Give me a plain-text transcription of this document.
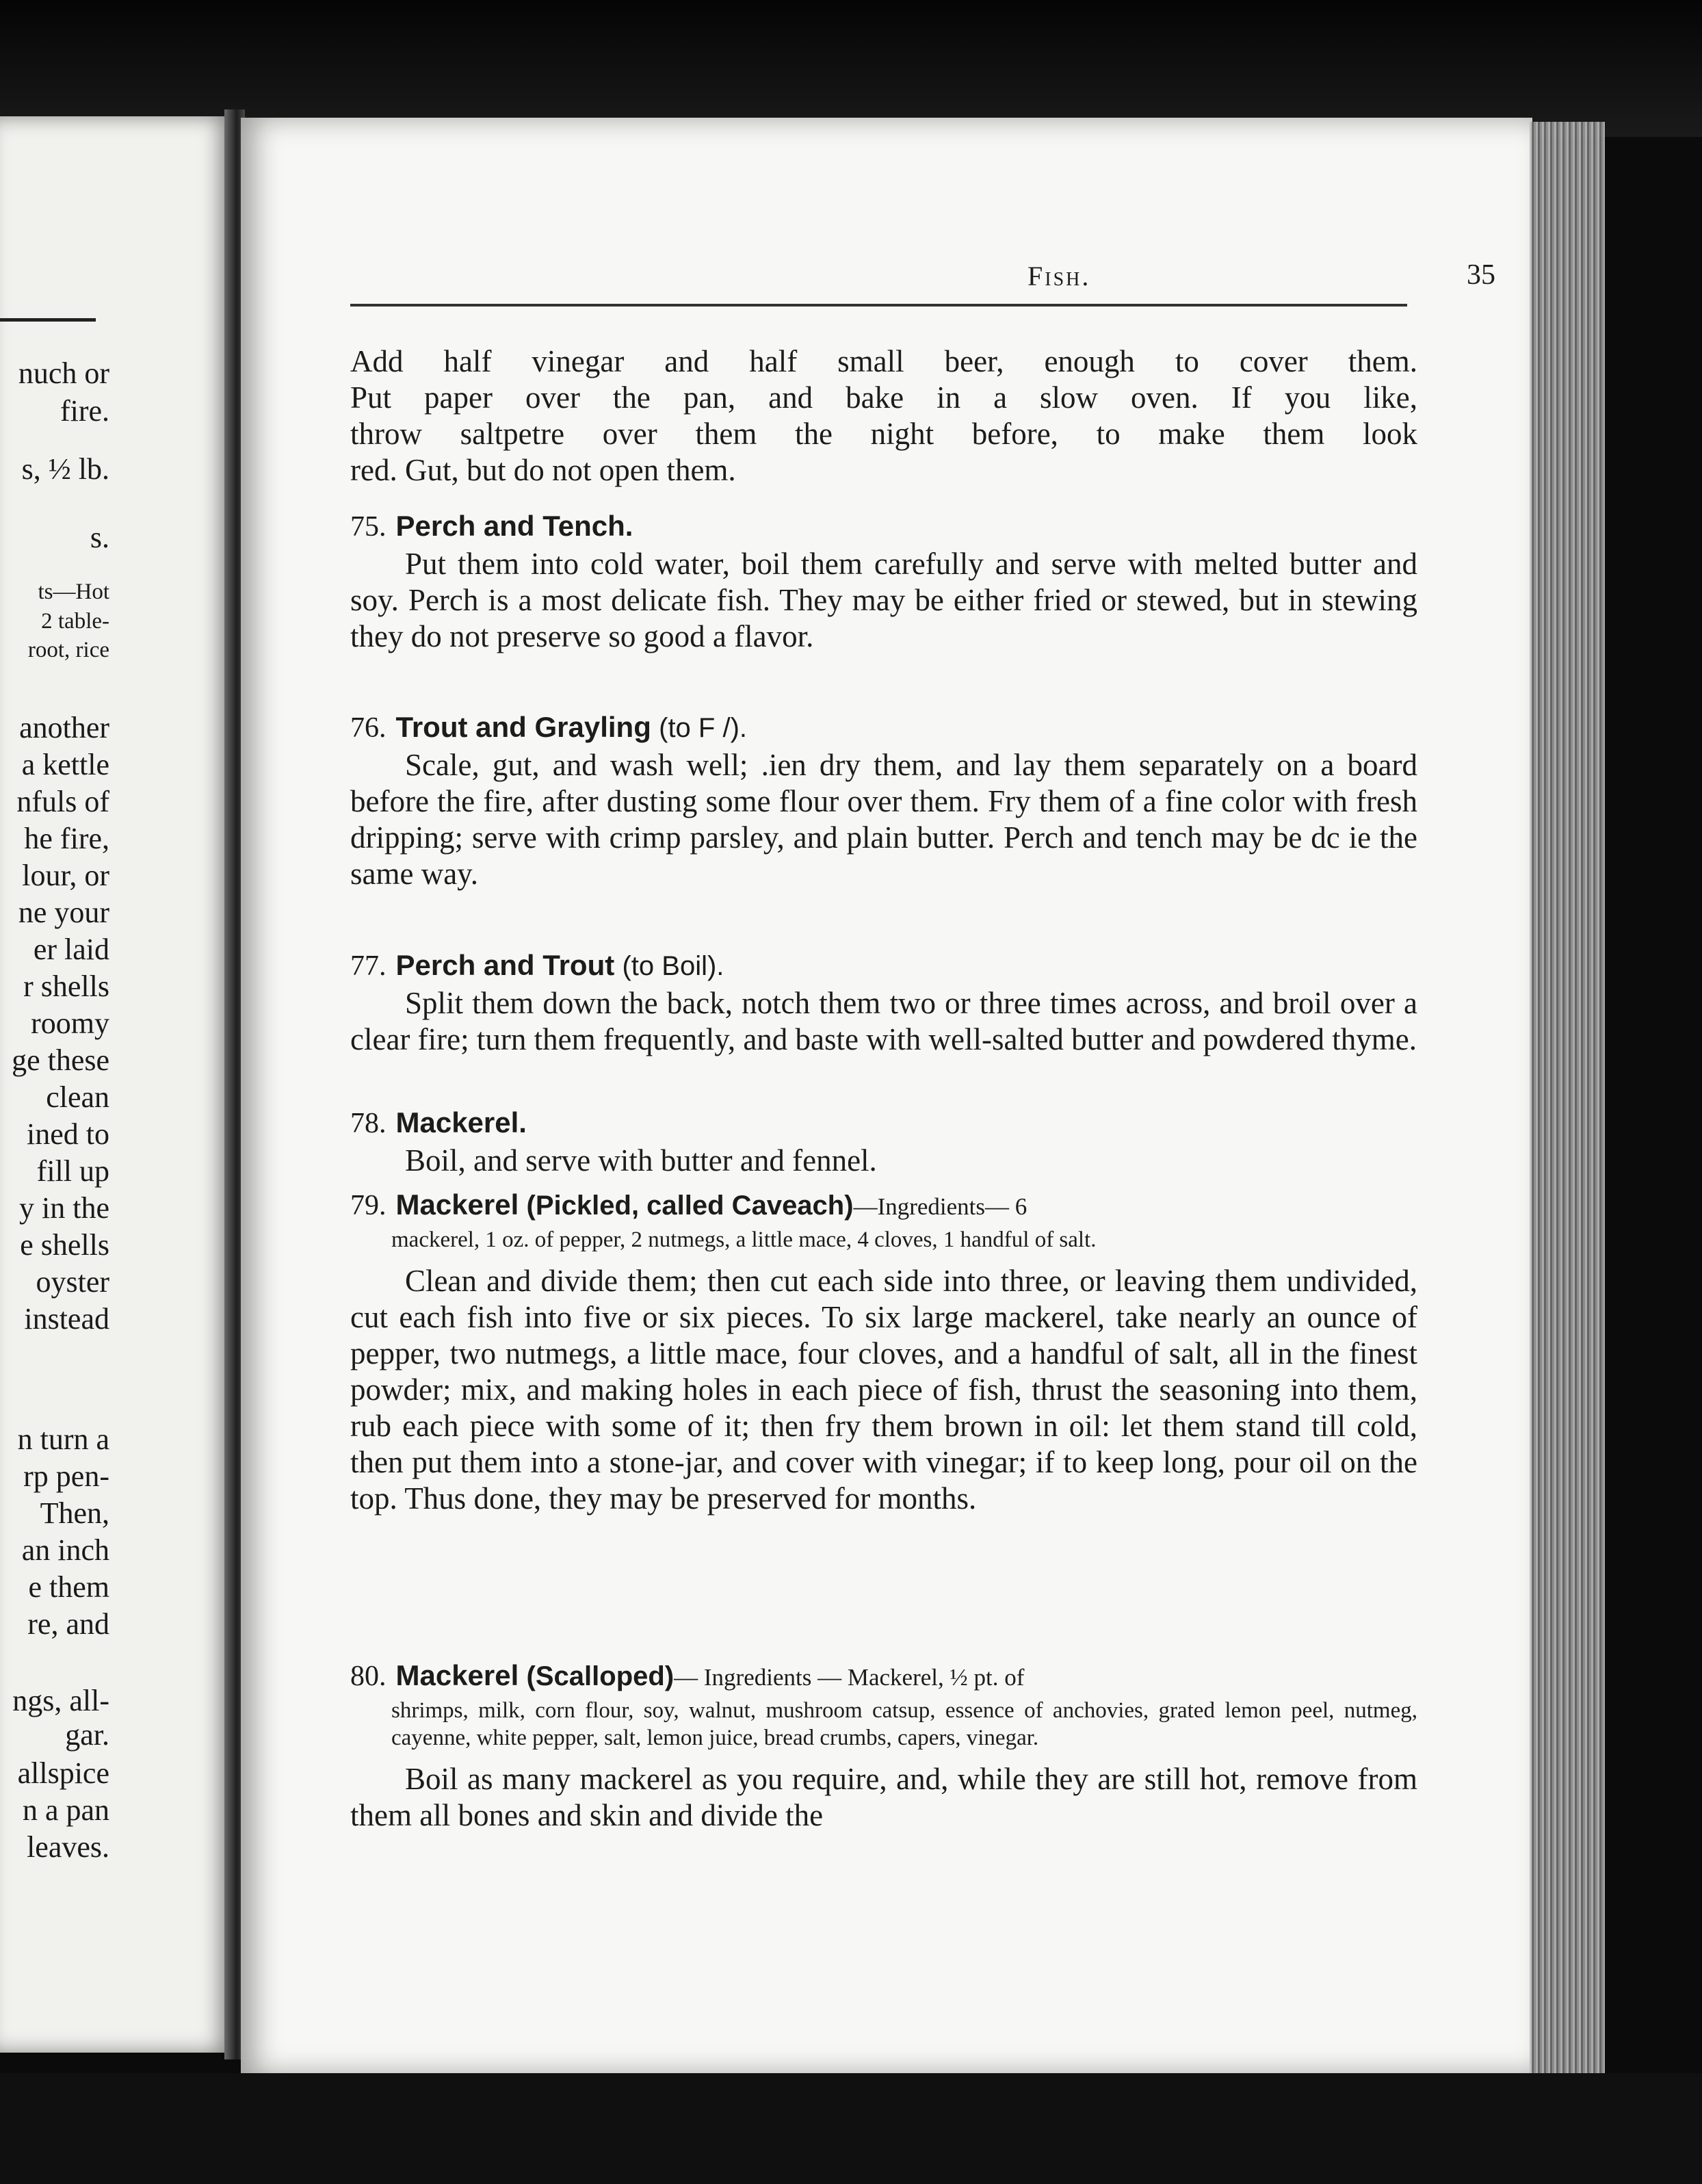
nuch or
fire.
s, ½ lb.
s.
ts—Hot
2 table-
root, rice
another
a kettle
nfuls of
he fire,
lour, or
ne your
er laid
r shells
roomy
ge these
clean
ined to
fill up
y in the
e shells
oyster
instead
n turn a
rp pen-
Then,
an inch
e them
re, and
ngs, all-
gar.
allspice
n a pan
leaves.
Fish.	35
Add half vinegar and half small beer, enough to cover them.
Put paper over the pan, and bake in a slow oven. If you like,
throw saltpetre over them the night before, to make them look
red. Gut, but do not open them.

75. Perch and Tench.

Put them into cold water, boil them carefully and serve with melted butter and soy. Perch is a most delicate fish. They may be either fried or stewed, but in stewing they do not preserve so good a flavor.

76. Trout and Grayling (to F /).

Scale, gut, and wash well; .ien dry them, and lay them separately on a board before the fire, after dusting some flour over them. Fry them of a fine color with fresh dripping; serve with crimp parsley, and plain butter. Perch and tench may be dc ie the same way.

77. Perch and Trout (to Boil).

Split them down the back, notch them two or three times across, and broil over a clear fire; turn them frequently, and baste with well-salted butter and powdered thyme.

78. Mackerel.

Boil, and serve with butter and fennel.

79. Mackerel (Pickled, called Caveach)—Ingredients— 6

mackerel, 1 oz. of pepper, 2 nutmegs, a little mace, 4 cloves, 1 handful of salt.

Clean and divide them; then cut each side into three, or leaving them undivided, cut each fish into five or six pieces. To six large mackerel, take nearly an ounce of pepper, two nutmegs, a little mace, four cloves, and a handful of salt, all in the finest powder; mix, and making holes in each piece of fish, thrust the seasoning into them, rub each piece with some of it; then fry them brown in oil: let them stand till cold, then put them into a stone-jar, and cover with vinegar; if to keep long, pour oil on the top. Thus done, they may be preserved for months.

80. Mackerel (Scalloped)— Ingredients — Mackerel, ½ pt. of

shrimps, milk, corn flour, soy, walnut, mushroom catsup, essence of anchovies, grated lemon peel, nutmeg, cayenne, white pepper, salt, lemon juice, bread crumbs, capers, vinegar.

Boil as many mackerel as you require, and, while they are still hot, remove from them all bones and skin and divide the
